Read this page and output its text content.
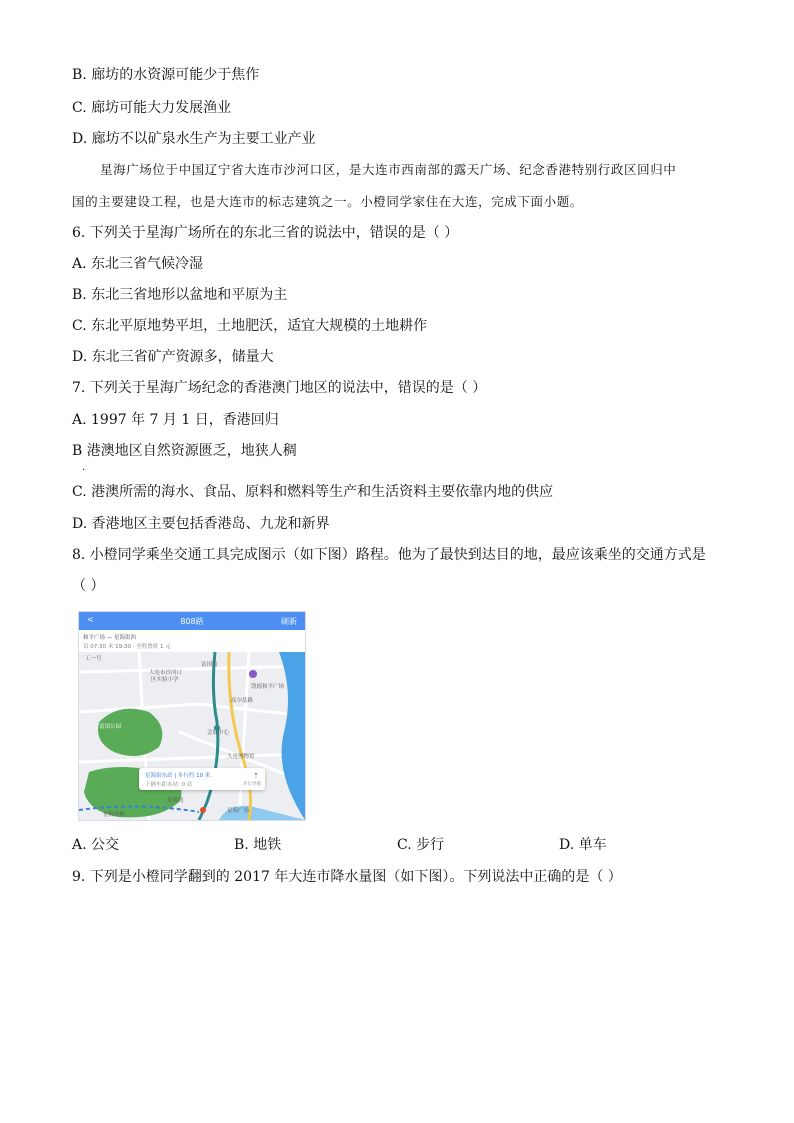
B. 廊坊的水资源可能少于焦作
C. 廊坊可能大力发展渔业
D. 廊坊不以矿泉水生产为主要工业产业
星海广场位于中国辽宁省大连市沙河口区，是大连市西南部的露天广场、纪念香港特别行政区回归中
国的主要建设工程，也是大连市的标志建筑之一。小橙同学家住在大连，完成下面小题。
6. 下列关于星海广场所在的东北三省的说法中，错误的是（ ）
A. 东北三省气候冷湿
B. 东北三省地形以盆地和平原为主
C. 东北平原地势平坦，土地肥沃，适宜大规模的土地耕作
D. 东北三省矿产资源多，储量大
7. 下列关于星海广场纪念的香港澳门地区的说法中，错误的是（ ）
A. 1997 年 7 月 1 日，香港回归
B 港澳地区自然资源匮乏，地狭人稠
.
C. 港澳所需的海水、食品、原料和燃料等生产和生活资料主要依靠内地的供应
D. 香港地区主要包括香港岛、九龙和新界
8. 小橙同学乘坐交通工具完成图示（如下图）路程。他为了最快到达目的地，最应该乘坐的交通方式是
（ ）
<	808路	刷新
和平广场 — 星海街西
首 07:30 末 19:30 · 全程票价 1 元
工一号
大连市沙河口
区实验小学
富国街
凯德和平广场
高尔基路
富国公园
会展中心
大连博物馆
星海湾
星海广场
星海湾桥
星海街东站 | 步行约 10 米
下辆车距本站: 0 站
⇡
步行导航
A. 公交	B. 地铁	C. 步行	D. 单车
9. 下列是小橙同学翻到的 2017 年大连市降水量图（如下图）。下列说法中正确的是（ ）
